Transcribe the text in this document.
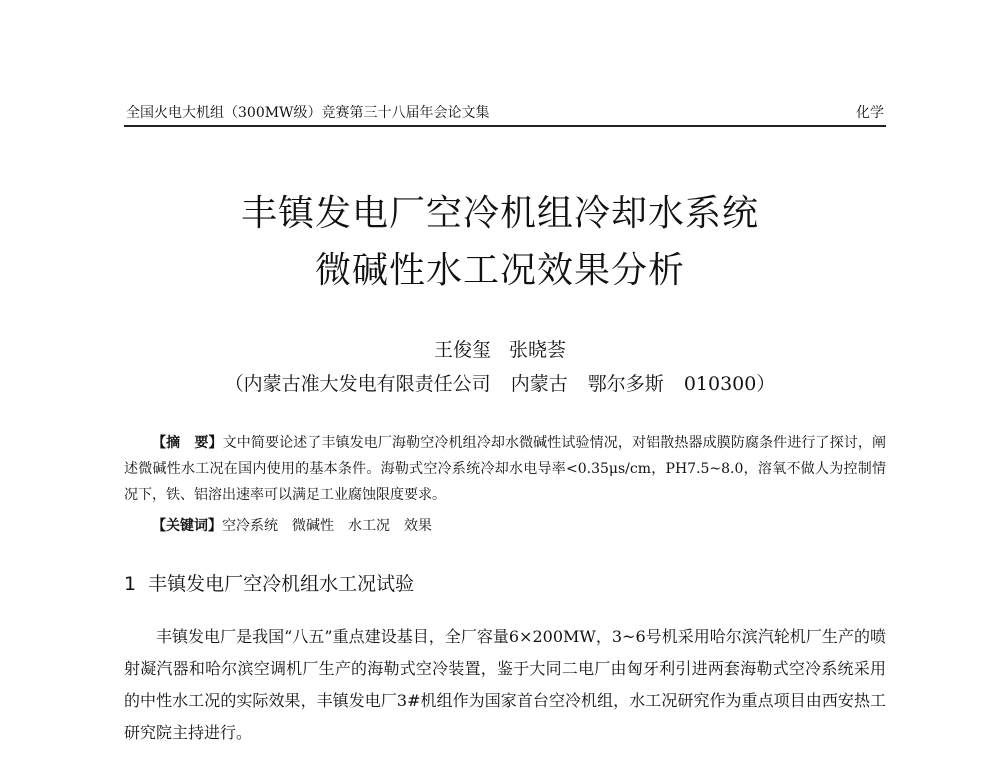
全国火电大机组（300MW级）竞赛第三十八届年会论文集	化学
丰镇发电厂空冷机组冷却水系统
微碱性水工况效果分析
王俊玺 张晓荟
（内蒙古准大发电有限责任公司 内蒙古 鄂尔多斯 010300）

【摘　要】文中简要论述了丰镇发电厂海勒空冷机组冷却水微碱性试验情况，对铝散热器成膜防腐条件进行了探讨，阐述微碱性水工况在国内使用的基本条件。海勒式空冷系统冷却水电导率<0.35μs/cm，PH7.5~8.0，溶氧不做人为控制情况下，铁、铝溶出速率可以满足工业腐蚀限度要求。

【关键词】空冷系统 微碱性 水工况 效果
1 丰镇发电厂空冷机组水工况试验

丰镇发电厂是我国“八五”重点建设基目，全厂容量6×200MW，3~6号机采用哈尔滨汽轮机厂生产的喷射凝汽器和哈尔滨空调机厂生产的海勒式空冷装置，鉴于大同二电厂由匈牙利引进两套海勒式空冷系统采用的中性水工况的实际效果，丰镇发电厂3#机组作为国家首台空冷机组，水工况研究作为重点项目由西安热工研究院主持进行。
